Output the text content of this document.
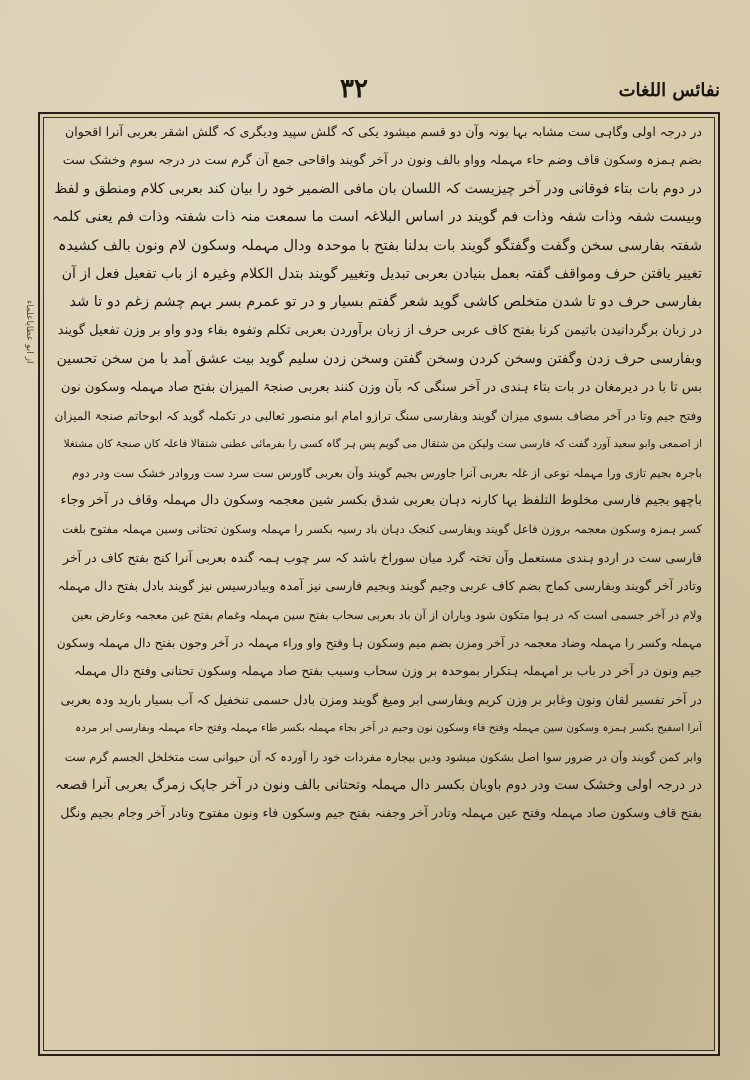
نفائس اللغات
۳۲
از ابو عطایاعلماء
در درجہ اولی وگاہی ست مشابہ بہا بونہ وآن دو قسم میشود یکی کہ گلش سپید ودیگری کہ گلش اشقر بعربی آنرا اقحوان
بضم ہمزہ وسکون قاف وضم حاء مہملہ وواو بالف ونون در آخر گویند واقاحی جمع آن گرم ست در درجہ سوم وخشک ست
در دوم بات بتاء فوقانی ودر آخر چیزیست کہ اللسان بان مافی الضمیر خود را بیان کند بعربی کلام ومنطق و لفظ
وبیست شفہ وذات شفہ وذات فم گویند در اساس البلاغہ است ما سمعت منہ ذات شفتہ وذات فم یعنی کلمہ
شفتہ بفارسی سخن وگفت وگفتگو گویند بات بدلنا بفتح با موحدہ ودال مہملہ وسکون لام ونون بالف کشیدہ
تغییر یافتن حرف ومواقف گفتہ بعمل بنیادن بعربی تبدیل وتغییر گویند بتدل الکلام وغیرہ از باب تفعیل فعل از آن
بفارسی حرف دو تا شدن متخلص کاشی گوید شعر گفتم بسیار و در تو عمرم بسر بہم چشم زغم دو تا شد
در زبان برگردانیدن باتیمن کرنا بفتح کاف عربی حرف از زبان برآوردن بعربی تکلم وتفوہ بفاء ودو واو بر وزن تفعیل گویند
وبفارسی حرف زدن وگفتن وسخن کردن وسخن گفتن وسخن زدن سلیم گوید بیت عشق آمد با من سخن تحسین
بس تا با در دیرمغان در بات بتاء ہندی در آخر سنگی کہ بآن وزن کنند بعربی صنجۃ المیزان بفتح صاد مہملہ وسکون نون
وفتح جیم وتا در آخر مضاف بسوی میزان گویند وبفارسی سنگ ترازو امام ابو منصور ثعالبی در تکملہ گوید کہ ابوحاتم صنجۃ المیزان
از اصمعی وابو سعید آورد گفت کہ فارسی ست ولیکن من شتقال می گویم پس ہر گاہ کسی را بفرمائی عطنی شتقالا فاعلہ کان صنجۃ کان مشتغلا
باجرہ بجیم تازی ورا مہملہ نوعی از غلہ بعربی آنرا جاورس بجیم گویند وآن بعربی گاورس ست سرد ست وروادر خشک ست ودر دوم
باچھو بجیم فارسی مخلوط التلفظ بہا کارنہ دہان بعربی شدق بکسر شین معجمہ وسکون دال مہملہ وقاف در آخر وجاء
کسر ہمزہ وسکون معجمہ بروزن فاعل گویند وبفارسی کنجک دہان باد رسیہ بکسر را مہملہ وسکون تحتانی وسین مہملہ مفتوح بلغت
فارسی ست در اردو ہندی مستعمل وآن تختہ گرد میان سوراخ باشد کہ سر چوب ہمہ گندہ بعربی آنرا کنج بفتح کاف در آخر
وتادر آخر گویند وبفارسی کماج بضم کاف عربی وجیم گویند وبجیم فارسی نیز آمدہ وبیادرسیس نیز گویند بادل بفتح دال مہملہ
ولام در آخر جسمی است کہ در ہوا متکون شود وباران از آن باد بعربی سحاب بفتح سین مہملہ وغمام بفتح غین معجمہ وعارض بعین
مہملہ وکسر را مہملہ وضاد معجمہ در آخر ومزن بضم میم وسکون ہا وفتح واو وراء مہملہ در آخر وجون بفتح دال مہملہ وسکون
جیم ونون در آخر در باب بر امہملہ ہتکرار بموحدہ بر وزن سحاب وسیب بفتح صاد مہملہ وسکون تحتانی وفتح دال مہملہ
در آخر تفسیر لقان ونون وغابر بر وزن کریم وبفارسی ابر ومیغ گویند ومزن بادل حسمی تنخفیل کہ آب بسیار بارید ودہ بعربی
آنرا اسفیح بکسر ہمزہ وسکون سین مہملہ وفتح فاء وسکون نون وجیم در آخر بجاء مہملہ بکسر طاء مہملہ وفتح حاء مہملہ وبفارسی ابر مردہ
وابر کمن گویند وآن در ضرور سوا اصل بشکون میشود ودیں بیجارہ مفردات خود را آوردہ کہ آن حیوانی ست متخلخل الجسم گرم ست
در درجہ اولی وخشک ست ودر دوم باوبان بکسر دال مہملہ وتحتانی بالف ونون در آخر جاپک زمرگ بعربی آنرا قصعہ
بفتح قاف وسکون صاد مہملہ وفتح عین مہملہ وتادر آخر وجفنہ بفتح جیم وسکون فاء ونون مفتوح وتادر آخر وجام بجیم ونگل
